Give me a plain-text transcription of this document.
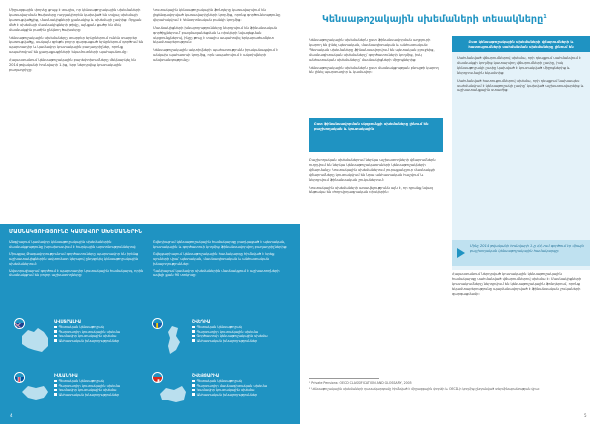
Միջազգային փորձը ցույց է տալիս, որ կենսաթոշակային սխեմաների կառավարման ծախսերը ուղղակիորեն կախված են տվյալ սխեմայի կառուցվածքից, մասնակիցների քանակից և սխեմայի չափից: Որքան մեծ է սխեմայի մասնակիցների թիվը, այնքան ցածր են մեկ մասնակցին բաժին ընկնող ծախսերը:

Կենսաթոշակային սխեմաները տարբեր երկրներում ունեն տարբեր կառուցվածք, սակայն գրեթե բոլոր զարգացած երկրներում գործում են պարտադիր և կամավոր կուտակային բաղադրիչներ, որոնք ապահովում են քաղաքացիների եկամուտների պահպանումը:

Հայաստանում կենսաթոշակային բարեփոխումները մեկնարկել են 2014 թվականի հունվարի 1-ից, երբ ներդրվեց կուտակային բաղադրիչը:

Կուտակային կենսաթոշակային ֆոնդերը կառավարվում են լիցենզավորված կառավարիչների կողմից, որոնց գործունեությունը վերահսկվում է Կենտրոնական բանկի կողմից:

Մասնակիցների խնայողությունները ներդրվում են ֆինանսական գործիքներում՝ բազմազանեցման և ռիսկերի նվազեցման սկզբունքներով, ինչը թույլ է տալիս ապահովել երկարաժամկետ եկամտաբերություն:

Կենսաթոշակային ակտիվների պահառությունն իրականացվում է անկախ պահառուի կողմից, որն ապահովում է ակտիվների անվտանգությունը:

ՄԱՍՆԱԿՑՈՒԹՅՈՒՆԸ ԿԱՄԱՎՈՐ ՍԽԵՄԱՆԵՐԻՆ

Անգլիայում կամավոր կենսաթոշակային սխեմաներին մասնակցությունը խրախուսվում է հարկային արտոնություններով:

Միացյալ Թագավորությունում գործատուները պարտավոր են իրենց աշխատակիցներին ավտոմատ կերպով ընդգրկել կենսաթոշակային սխեմաներում:

Ավստրալիայում գործում է պարտադիր կուտակային համակարգ, որին մասնակցում են բոլոր աշխատողները:

Շվեդիայում կենսաթոշակային համակարգը բաղկացած է պետական, կուտակային և գործատուի կողմից ֆինանսավորվող բաղադրիչներից:

Շվեյցարիայում կենսաթոշակային համակարգը հիմնված է երեք սյուների վրա՝ պետական, մասնագիտական և անհատական խնայողություններ:

Դանիայում կամավոր սխեմաներին մասնակցում է աշխատողների ավելի քան 90 տոկոսը:

ԱՎՍՏՐԱԼԻԱ
Պետական կենսաթոշակ
Պարտադիր կուտակային սխեմա
Կամավոր կուտակային սխեմա
Անհատական խնայողություններ
ՇՎԵԴԻԱ
Պետական կենսաթոշակ
Պարտադիր կուտակային սխեմա
Գործատուի կենսաթոշակային սխեմա
Անհատական խնայողություններ
ԻՍԼԱՆԴԻԱ
Պետական կենսաթոշակ
Պարտադիր կուտակային սխեմա
Կամավոր կուտակային սխեմա
Անհատական խնայողություններ
ՇՎԵՅՑԱՐԻԱ
Պետական կենսաթոշակ
Պարտադիր մասնագիտական սխեմա
Կամավոր կուտակային սխեմա
Անհատական խնայողություններ
4
Կենսաթոշակային սխեմաների տեսակները$^1$

Կենսաթոշակային սխեմաներն ըստ ֆինանսավորման աղբյուրի կարող են լինել պետական, մասնագիտական և անհատական: Պետական սխեմաները ֆինանսավորվում են պետական բյուջեից, մասնագիտական սխեմաները՝ գործատուների կողմից, իսկ անհատական սխեմաները՝ մասնակիցների միջոցներից:

Կենսաթոշակային սխեմաներն ըստ մասնակցության բնույթի կարող են լինել պարտադիր և կամավոր:

Ըստ ֆինանսավորման սկզբունքի սխեմաները լինում են բաշխողական և կուտակային

Բաշխողական սխեմաներում ներկա աշխատողների վճարումներն ուղղվում են ներկա կենսաթոշակառուների կենսաթոշակների վճարմանը: Կուտակային սխեմաներում յուրաքանչյուր մասնակցի վճարումները կուտակվում են նրա անհատական հաշվում և ներդրվում ֆինանսական շուկաներում:

Կուտակային սխեմաների առավելությունն այն է, որ դրանք նվազ ենթակա են ժողովրդագրական ռիսկերին:

Ըստ կենսաթոշակային սխեմաների վճարումների և հատուցումների սահմանման սխեմաները լինում են

Սահմանված վճարումներով սխեմա, որի դեպքում սահմանվում է մասնակցի կողմից կատարվող վճարումների չափը, իսկ կենսաթոշակի չափը կախված է կուտակված միջոցներից և ներդրումային եկամտից:

Սահմանված հատուցումներով սխեմա, որի դեպքում նախապես սահմանվում է կենսաթոշակի չափը՝ կախված աշխատավարձից և աշխատանքային ստաժից:

Մինչ 2014 թվականի հունվարի 1-ը ՀՀ-ում գործում էր միայն բաշխողական կենսաթոշակային համակարգը:

Հայաստանում ներդրված կուտակային կենսաթոշակային համակարգը սահմանված վճարումներով սխեմա է: Մասնակիցների կուտակումները ներդրվում են կենսաթոշակային ֆոնդերում, որոնց եկամտաբերությունը պայմանավորված է ֆինանսական շուկաների զարգացմամբ:

¹ Private Pensions: OECD CLASSIFICATION AND GLOSSARY, 2005
² Կենսաթոշակային սխեմաների դասակարգումը հիմնված է միջազգային փորձի և OECD-ի կողմից ընդունված տերմինաբանության վրա:
5
